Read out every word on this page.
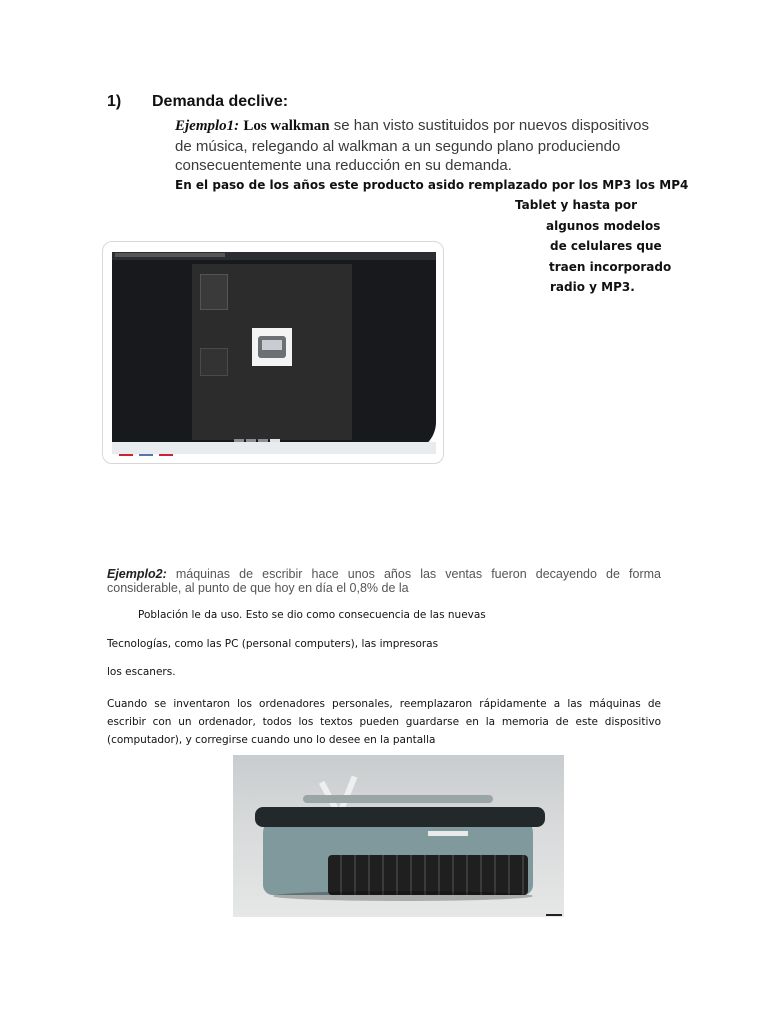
1) Demanda declive:
Ejemplo1: Los walkman se han visto sustituidos por nuevos dispositivos
de música, relegando al walkman a un segundo plano produciendo
consecuentemente una reducción en su demanda.
En el paso de los años este producto asido remplazado por los MP3 los MP4
Tablet y hasta por
algunos modelos
de celulares que
traen incorporado
radio y MP3.
Ejemplo2: máquinas de escribir hace unos años las ventas fueron decayendo de forma considerable, al punto de que hoy en día el 0,8% de la
Población le da uso. Esto se dio como consecuencia de las nuevas
Tecnologías, como las PC (personal computers), las impresoras
los escaners.
Cuando se inventaron los ordenadores personales, reemplazaron rápidamente a las máquinas de escribir con un ordenador, todos los textos pueden guardarse en la memoria de este dispositivo (computador), y corregirse cuando uno lo desee en la pantalla
